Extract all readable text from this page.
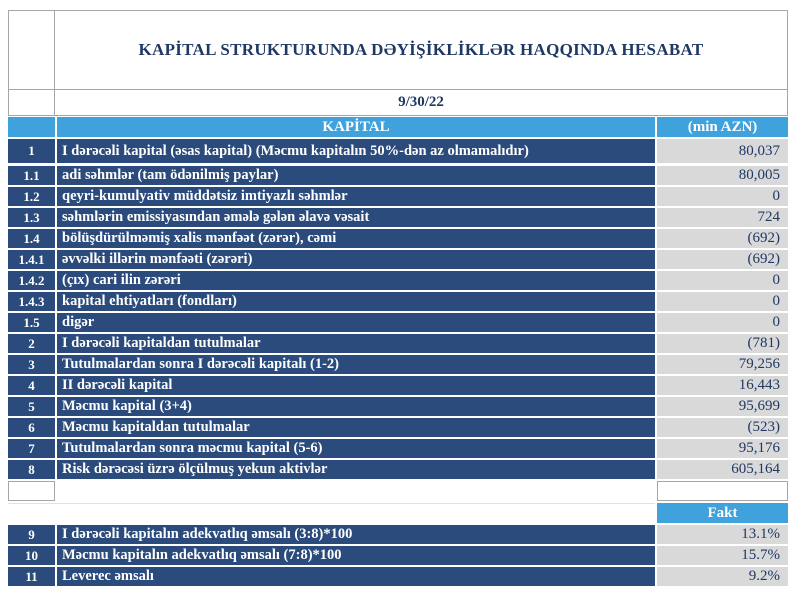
KAPİTAL STRUKTURUNDA DƏYİŞİKLİKLƏR HAQQINDA HESABAT
9/30/22
KAPİTAL	(min AZN)
1	I dərəcəli kapital (əsas kapital) (Məcmu kapitalın 50%-dən az olmamalıdır)	80,037
1.1	adi səhmlər (tam ödənilmiş paylar)	80,005
1.2	qeyri-kumulyativ müddətsiz imtiyazlı səhmlər	0
1.3	səhmlərin emissiyasından əmələ gələn əlavə vəsait	724
1.4	bölüşdürülməmiş xalis mənfəət (zərər), cəmi	(692)
1.4.1	əvvəlki illərin mənfəəti (zərəri)	(692)
1.4.2	(çıx) cari ilin zərəri	0
1.4.3	kapital ehtiyatları (fondları)	0
1.5	digər	0
2	I dərəcəli kapitaldan tutulmalar	(781)
3	Tutulmalardan sonra I dərəcəli kapitalı (1-2)	79,256
4	II dərəcəli kapital	16,443
5	Məcmu kapital (3+4)	95,699
6	Məcmu kapitaldan tutulmalar	(523)
7	Tutulmalardan sonra məcmu kapital (5-6)	95,176
8	Risk dərəcəsi üzrə ölçülmuş yekun aktivlər	605,164
Fakt
9	I dərəcəli kapitalın adekvatlıq əmsalı (3:8)*100	13.1%
10	Məcmu kapitalın adekvatlıq əmsalı (7:8)*100	15.7%
11	Leverec əmsalı	9.2%
